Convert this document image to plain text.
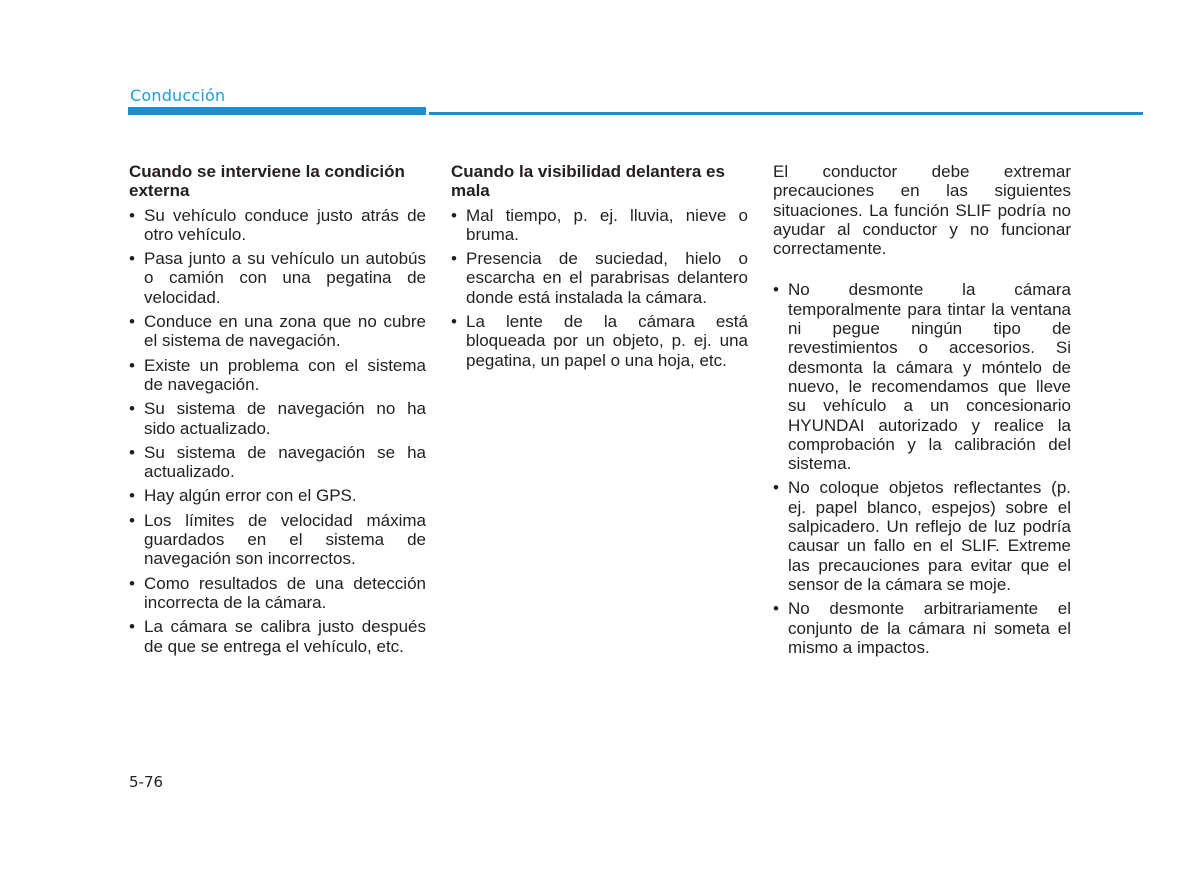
Conducción
Cuando se interviene la condición externa
• Su vehículo conduce justo atrás de otro vehículo.
• Pasa junto a su vehículo un autobús o camión con una pegatina de velocidad.
• Conduce en una zona que no cubre el sistema de navegación.
• Existe un problema con el sistema de navegación.
• Su sistema de navegación no ha sido actualizado.
• Su sistema de navegación se ha actualizado.
• Hay algún error con el GPS.
• Los límites de velocidad máxima guardados en el sistema de navegación son incorrectos.
• Como resultados de una detección incorrecta de la cámara.
• La cámara se calibra justo después de que se entrega el vehículo, etc.
Cuando la visibilidad delantera es mala
• Mal tiempo, p. ej. lluvia, nieve o bruma.
• Presencia de suciedad, hielo o escarcha en el parabrisas delantero donde está instalada la cámara.
• La lente de la cámara está bloqueada por un objeto, p. ej. una pegatina, un papel o una hoja, etc.
El conductor debe extremar precauciones en las siguientes situaciones. La función SLIF podría no ayudar al conductor y no funcionar correctamente.
• No desmonte la cámara temporalmente para tintar la ventana ni pegue ningún tipo de revestimientos o accesorios. Si desmonta la cámara y móntelo de nuevo, le recomendamos que lleve su vehículo a un concesionario HYUNDAI autorizado y realice la comprobación y la calibración del sistema.
• No coloque objetos reflectantes (p. ej. papel blanco, espejos) sobre el salpicadero. Un reflejo de luz podría causar un fallo en el SLIF. Extreme las precauciones para evitar que el sensor de la cámara se moje.
• No desmonte arbitrariamente el conjunto de la cámara ni someta el mismo a impactos.
5-76
